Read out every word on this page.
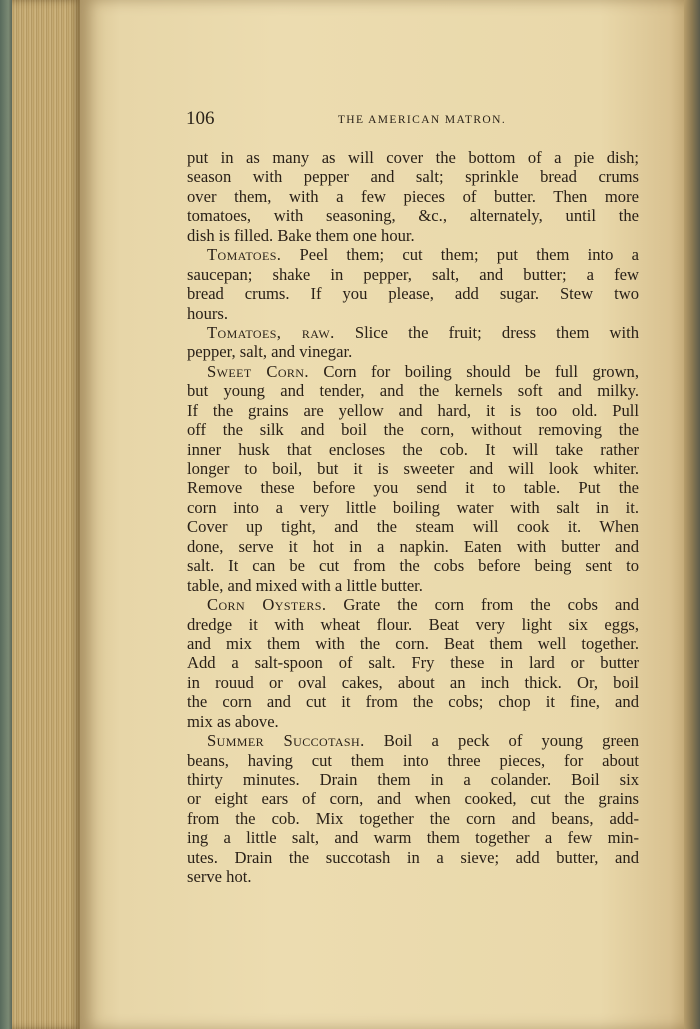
106	THE AMERICAN MATRON.
put in as many as will cover the bottom of a pie dish;
season with pepper and salt; sprinkle bread crums
over them, with a few pieces of butter. Then more
tomatoes, with seasoning, &c., alternately, until the
dish is filled. Bake them one hour.
Tomatoes. Peel them; cut them; put them into a
saucepan; shake in pepper, salt, and butter; a few
bread crums. If you please, add sugar. Stew two
hours.
Tomatoes, raw. Slice the fruit; dress them with
pepper, salt, and vinegar.
Sweet Corn. Corn for boiling should be full grown,
but young and tender, and the kernels soft and milky.
If the grains are yellow and hard, it is too old. Pull
off the silk and boil the corn, without removing the
inner husk that encloses the cob. It will take rather
longer to boil, but it is sweeter and will look whiter.
Remove these before you send it to table. Put the
corn into a very little boiling water with salt in it.
Cover up tight, and the steam will cook it. When
done, serve it hot in a napkin. Eaten with butter and
salt. It can be cut from the cobs before being sent to
table, and mixed with a little butter.
Corn Oysters. Grate the corn from the cobs and
dredge it with wheat flour. Beat very light six eggs,
and mix them with the corn. Beat them well together.
Add a salt-spoon of salt. Fry these in lard or butter
in rouud or oval cakes, about an inch thick. Or, boil
the corn and cut it from the cobs; chop it fine, and
mix as above.
Summer Succotash. Boil a peck of young green
beans, having cut them into three pieces, for about
thirty minutes. Drain them in a colander. Boil six
or eight ears of corn, and when cooked, cut the grains
from the cob. Mix together the corn and beans, add-
ing a little salt, and warm them together a few min-
utes. Drain the succotash in a sieve; add butter, and
serve hot.
